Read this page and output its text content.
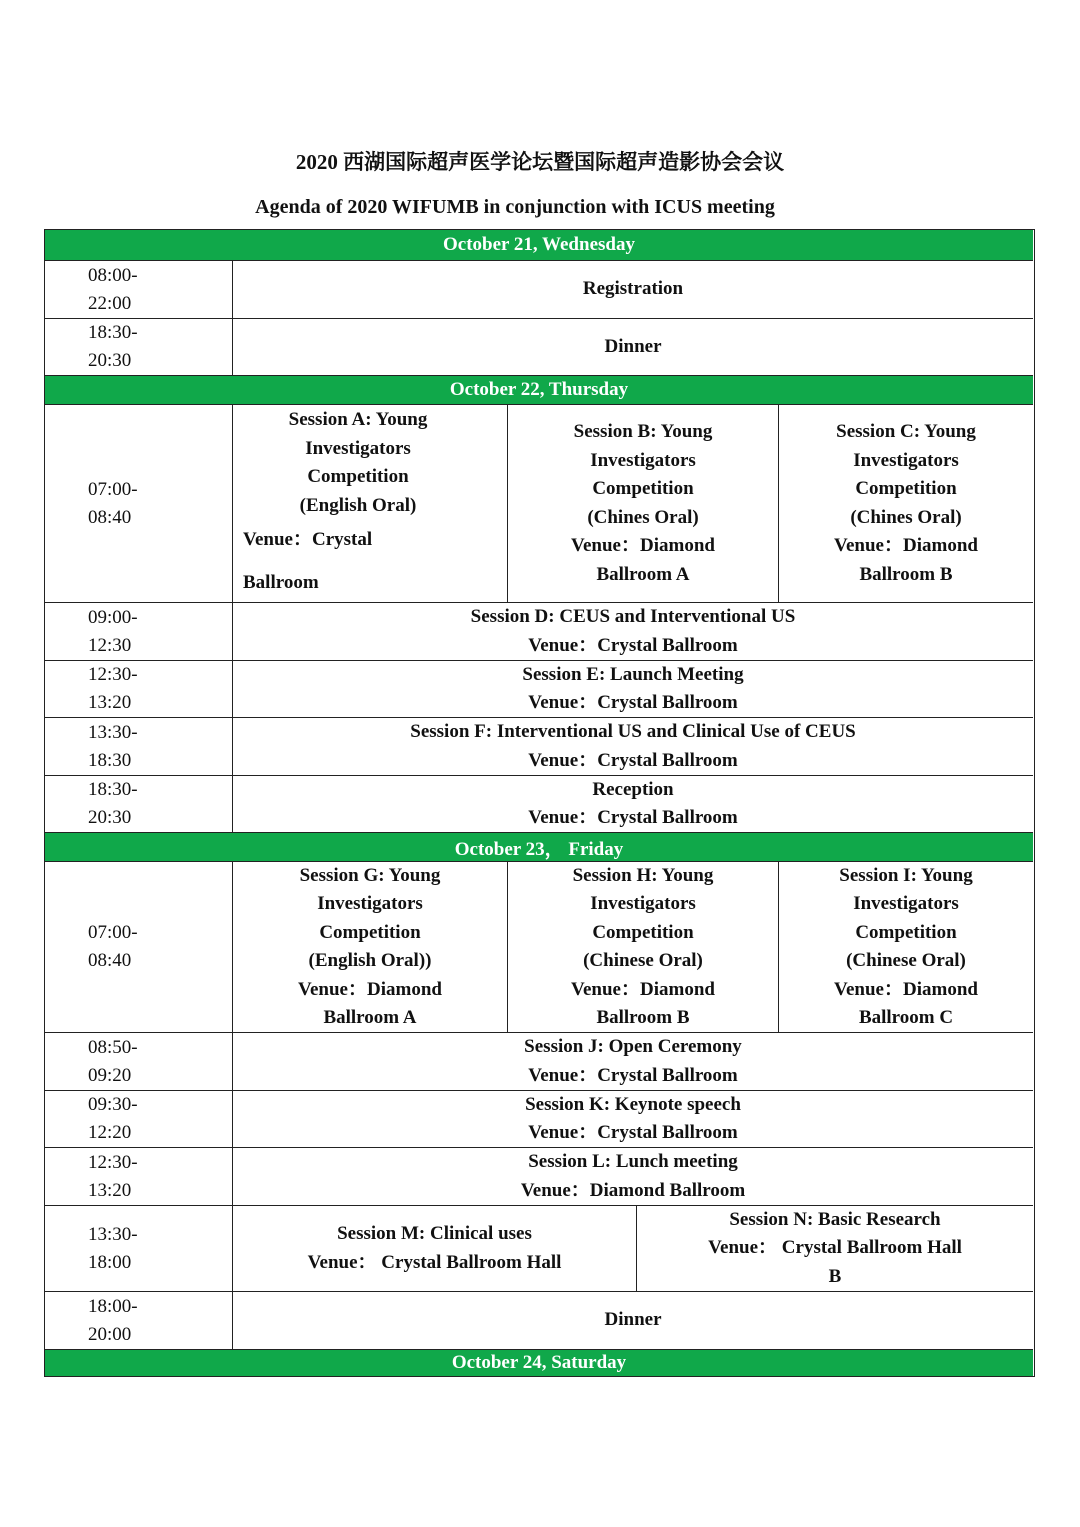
2020 西湖国际超声医学论坛暨国际超声造影协会会议
Agenda of 2020 WIFUMB in conjunction with ICUS meeting
October 21, Wednesday
08:00-
22:00
Registration
18:30-
20:30
Dinner
October 22, Thursday
07:00-
08:40
Session A: Young
Investigators
Competition
(English Oral)
Venue：Crystal
Ballroom
Session B: Young
Investigators
Competition
(Chines Oral)
Venue：Diamond
Ballroom A
Session C: Young
Investigators
Competition
(Chines Oral)
Venue：Diamond
Ballroom B
09:00-
12:30
Session D: CEUS and Interventional US
Venue：Crystal Ballroom
12:30-
13:20
Session E: Launch Meeting
Venue：Crystal Ballroom
13:30-
18:30
Session F: Interventional US and Clinical Use of CEUS
Venue：Crystal Ballroom
18:30-
20:30
Reception
Venue：Crystal Ballroom
October 23， Friday
07:00-
08:40
Session G: Young
Investigators
Competition
(English Oral))
Venue：Diamond
Ballroom A
Session H: Young
Investigators
Competition
(Chinese Oral)
Venue：Diamond
Ballroom B
Session I: Young
Investigators
Competition
(Chinese Oral)
Venue：Diamond
Ballroom C
08:50-
09:20
Session J: Open Ceremony
Venue：Crystal Ballroom
09:30-
12:20
Session K: Keynote speech
Venue：Crystal Ballroom
12:30-
13:20
Session L: Lunch meeting
Venue：Diamond Ballroom
13:30-
18:00
Session M: Clinical uses
Venue： Crystal Ballroom Hall
Session N: Basic Research
Venue： Crystal Ballroom Hall
B
18:00-
20:00
Dinner
October 24, Saturday
